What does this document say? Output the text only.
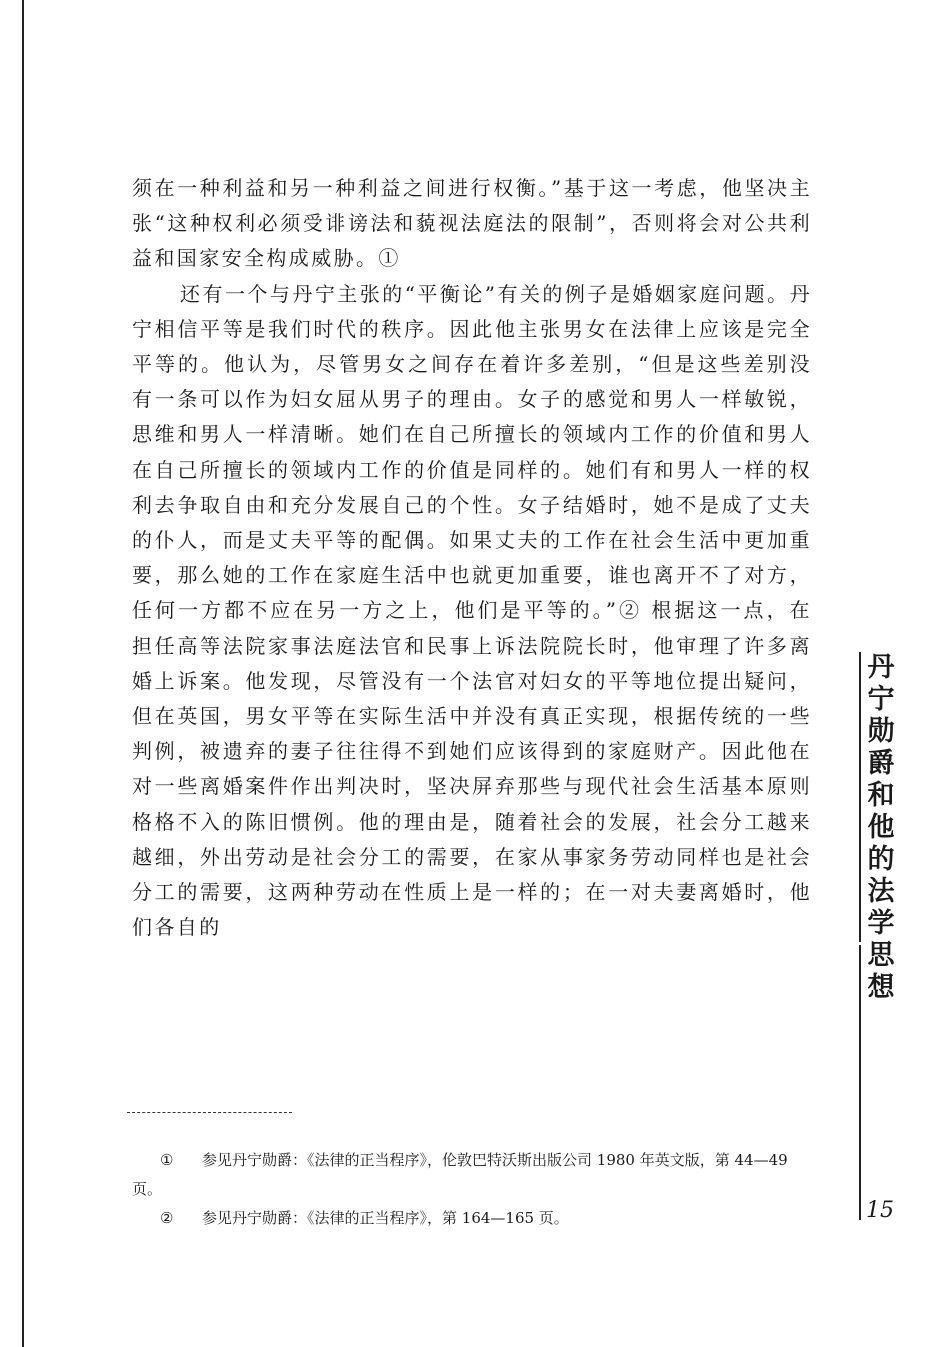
须在一种利益和另一种利益之间进行权衡。”基于这一考虑，他坚决主张“这种权利必须受诽谤法和藐视法庭法的限制”，否则将会对公共利益和国家安全构成威胁。①

还有一个与丹宁主张的“平衡论”有关的例子是婚姻家庭问题。丹宁相信平等是我们时代的秩序。因此他主张男女在法律上应该是完全平等的。他认为，尽管男女之间存在着许多差别，“但是这些差别没有一条可以作为妇女屈从男子的理由。女子的感觉和男人一样敏锐，思维和男人一样清晰。她们在自己所擅长的领域内工作的价值和男人在自己所擅长的领域内工作的价值是同样的。她们有和男人一样的权利去争取自由和充分发展自己的个性。女子结婚时，她不是成了丈夫的仆人，而是丈夫平等的配偶。如果丈夫的工作在社会生活中更加重要，那么她的工作在家庭生活中也就更加重要，谁也离开不了对方，任何一方都不应在另一方之上，他们是平等的。”② 根据这一点，在担任高等法院家事法庭法官和民事上诉法院院长时，他审理了许多离婚上诉案。他发现，尽管没有一个法官对妇女的平等地位提出疑问，但在英国，男女平等在实际生活中并没有真正实现，根据传统的一些判例，被遗弃的妻子往往得不到她们应该得到的家庭财产。因此他在对一些离婚案件作出判决时，坚决屏弃那些与现代社会生活基本原则格格不入的陈旧惯例。他的理由是，随着社会的发展，社会分工越来越细，外出劳动是社会分工的需要，在家从事家务劳动同样也是社会分工的需要，这两种劳动在性质上是一样的；在一对夫妻离婚时，他们各自的

① 参见丹宁勋爵：《法律的正当程序》，伦敦巴特沃斯出版公司 1980 年英文版，第 44—49 页。

② 参见丹宁勋爵：《法律的正当程序》，第 164—165 页。

丹宁勋爵和他的法学思想
15
